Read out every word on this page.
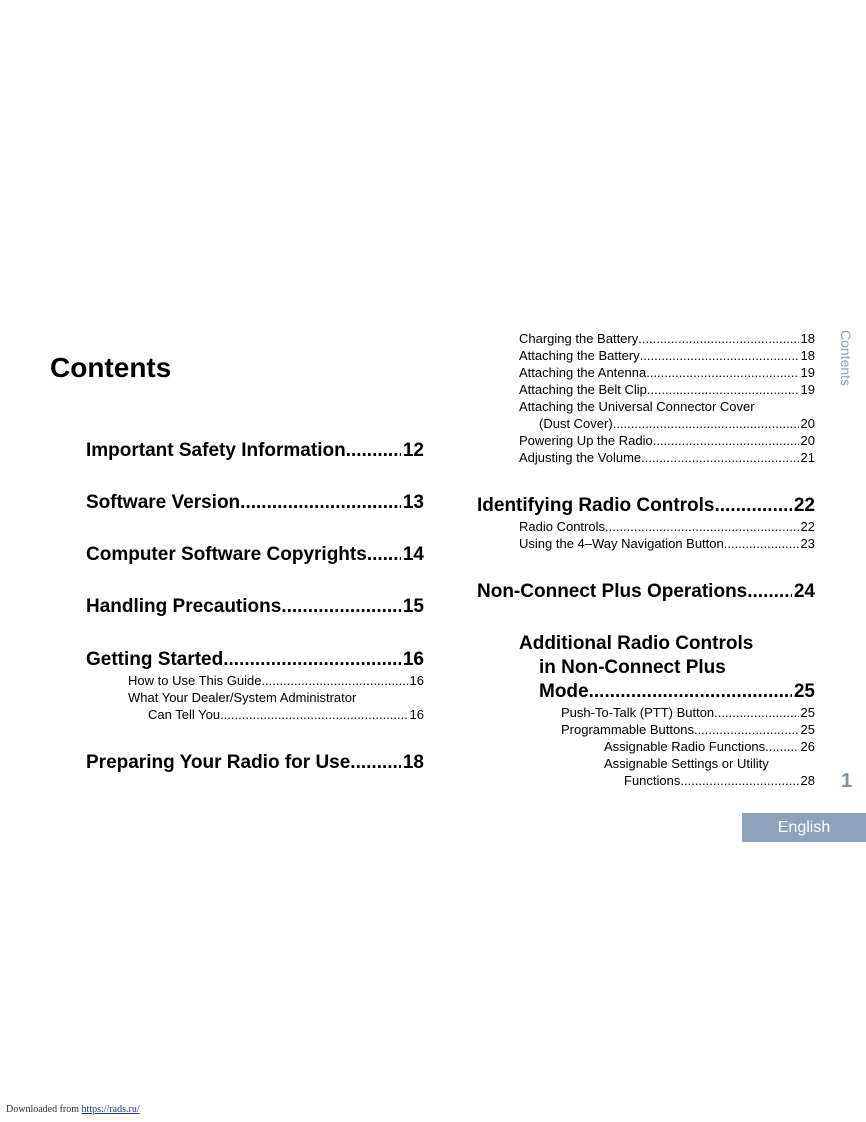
Contents
Important Safety Information .....	12
Software Version .....	13
Computer Software Copyrights ..... 14
Handling Precautions .....	15
Getting Started .....	16
How to Use This Guide .....	16
What Your Dealer/System Administrator
Can Tell You .....	16
Preparing Your Radio for Use .....	18
Charging the Battery .....	18
Attaching the Battery .....	18
Attaching the Antenna .....	19
Attaching the Belt Clip .....	19
Attaching the Universal Connector Cover
(Dust Cover) .....	20
Powering Up the Radio .....	20
Adjusting the Volume .....	21
Identifying Radio Controls .....	22
Radio Controls .....	22
Using the 4–Way Navigation Button .....	23
Non-Connect Plus Operations ..... 24
Additional Radio Controls
in Non-Connect Plus
Mode .....	25
Push-To-Talk (PTT) Button .....	25
Programmable Buttons .....	25
Assignable Radio Functions .....	26
Assignable Settings or Utility
Functions .....	28
Contents
1
English
Downloaded from https://rads.ru/
